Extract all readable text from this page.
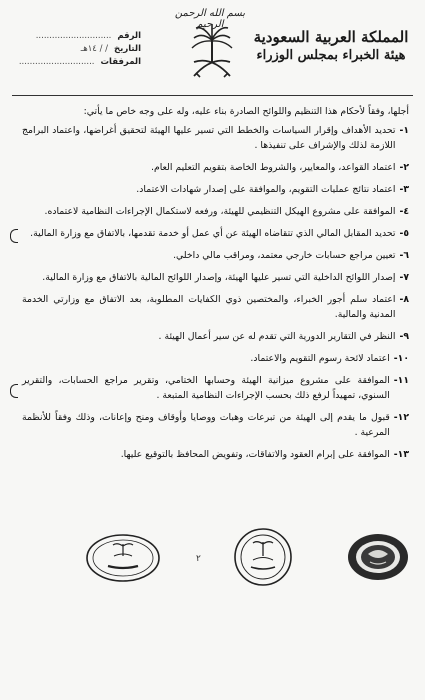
بسم الله الرحمن الرحيم
المملكة العربية السعودية
هيئة الخبراء بمجلس الوزراء
الرقم
............................
التاريخ
/ / ١٤هـ
المرفقات
............................

أجلها، وفقاً لأحكام هذا التنظيم واللوائح الصادرة بناء عليه، وله على وجه خاص ما يأتي:

١-
تحديد الأهداف وإقرار السياسات والخطط التي تسير عليها الهيئة لتحقيق أغراضها، واعتماد البرامج اللازمة لذلك والإشراف على تنفيذها .
٢-
اعتماد القواعد، والمعايير، والشروط الخاصة بتقويم التعليم العام.
٣-
اعتماد نتائج عمليات التقويم، والموافقة على إصدار شهادات الاعتماد.
٤-
الموافقة على مشروع الهيكل التنظيمي للهيئة، ورفعه لاستكمال الإجراءات النظامية لاعتماده.
٥-
تحديد المقابل المالي الذي تتقاضاه الهيئة عن أي عمل أو خدمة تقدمها، بالاتفاق مع وزارة المالية.
٦-
تعيين مراجع حسابات خارجي معتمد، ومراقب مالي داخلي.
٧-
إصدار اللوائح الداخلية التي تسير عليها الهيئة، وإصدار اللوائح المالية بالاتفاق مع وزارة المالية.
٨-
اعتماد سلم أجور الخبراء، والمختصين ذوي الكفايات المطلوبة، بعد الاتفاق مع وزارتي الخدمة المدنية والمالية.
٩-
النظر في التقارير الدورية التي تقدم له عن سير أعمال الهيئة .
١٠-
اعتماد لائحة رسوم التقويم والاعتماد.
١١-
الموافقة على مشروع ميزانية الهيئة وحسابها الختامي، وتقرير مراجع الحسابات، والتقرير السنوي، تمهيداً لرفع ذلك بحسب الإجراءات النظامية المتبعة .
١٢-
قبول ما يقدم إلى الهيئة من تبرعات وهبات ووصايا وأوقاف ومنح وإعانات، وذلك وفقاً للأنظمة المرعية .
١٣-
الموافقة على إبرام العقود والاتفاقات، وتفويض المحافظ بالتوقيع عليها.
٢
